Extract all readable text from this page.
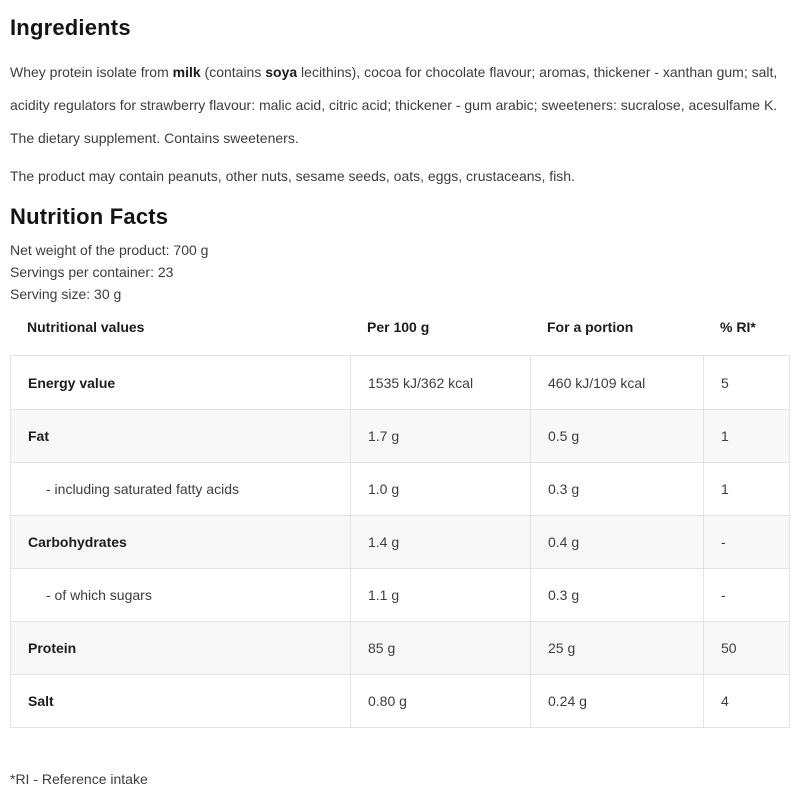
Ingredients

Whey protein isolate from milk (contains soya lecithins), cocoa for chocolate flavour; aromas, thickener - xanthan gum; salt, acidity regulators for strawberry flavour: malic acid, citric acid; thickener - gum arabic; sweeteners: sucralose, acesulfame K.

The dietary supplement. Contains sweeteners.

The product may contain peanuts, other nuts, sesame seeds, oats, eggs, crustaceans, fish.

Nutrition Facts

Net weight of the product: 700 g

Servings per container: 23

Serving size: 30 g

Nutritional values	Per 100 g	For a portion	% RI*
Energy value	1535 kJ/362 kcal	460 kJ/109 kcal	5
Fat	1.7 g	0.5 g	1
- including saturated fatty acids	1.0 g	0.3 g	1
Carbohydrates	1.4 g	0.4 g	-
- of which sugars	1.1 g	0.3 g	-
Protein	85 g	25 g	50
Salt	0.80 g	0.24 g	4

*RI - Reference intake
